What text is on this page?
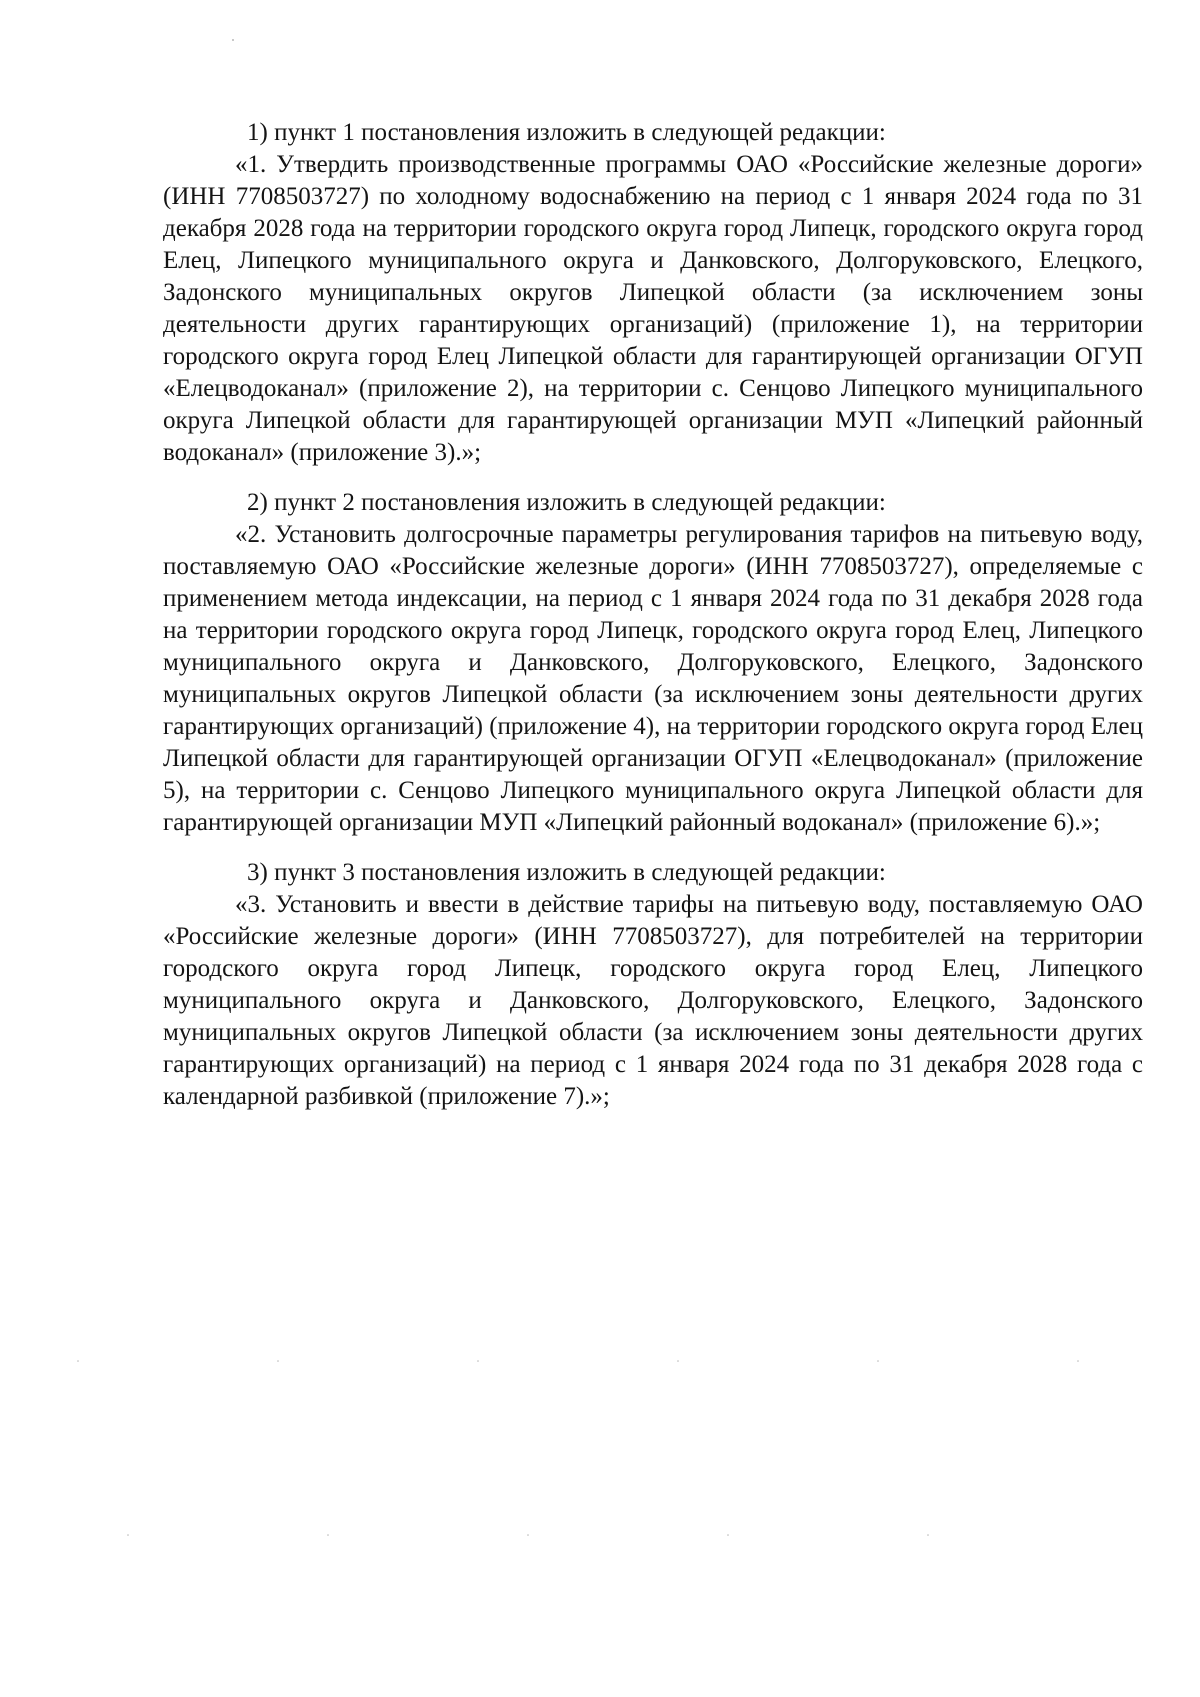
1) пункт 1 постановления изложить в следующей редакции:

«1. Утвердить производственные программы ОАО «Российские железные дороги» (ИНН 7708503727) по холодному водоснабжению на период с 1 января 2024 года по 31 декабря 2028 года на территории городского округа город Липецк, городского округа город Елец, Липецкого муниципального округа и Данковского, Долгоруковского, Елецкого, Задонского муниципальных округов Липецкой области (за исключением зоны деятельности других гарантирующих организаций) (приложение 1), на территории городского округа город Елец Липецкой области для гарантирующей организации ОГУП «Елецводоканал» (приложение 2), на территории с. Сенцово Липецкого муниципального округа Липецкой области для гарантирующей организации МУП «Липецкий районный водоканал» (приложение 3).»;

2) пункт 2 постановления изложить в следующей редакции:

«2. Установить долгосрочные параметры регулирования тарифов на питьевую воду, поставляемую ОАО «Российские железные дороги» (ИНН 7708503727), определяемые с применением метода индексации, на период с 1 января 2024 года по 31 декабря 2028 года на территории городского округа город Липецк, городского округа город Елец, Липецкого муниципального округа и Данковского, Долгоруковского, Елецкого, Задонского муниципальных округов Липецкой области (за исключением зоны деятельности других гарантирующих организаций) (приложение 4), на территории городского округа город Елец Липецкой области для гарантирующей организации ОГУП «Елецводоканал» (приложение 5), на территории с. Сенцово Липецкого муниципального округа Липецкой области для гарантирующей организации МУП «Липецкий районный водоканал» (приложение 6).»;

3) пункт 3 постановления изложить в следующей редакции:

«3. Установить и ввести в действие тарифы на питьевую воду, поставляемую ОАО «Российские железные дороги» (ИНН 7708503727), для потребителей на территории городского округа город Липецк, городского округа город Елец, Липецкого муниципального округа и Данковского, Долгоруковского, Елецкого, Задонского муниципальных округов Липецкой области (за исключением зоны деятельности других гарантирующих организаций) на период с 1 января 2024 года по 31 декабря 2028 года с календарной разбивкой (приложение 7).»;
